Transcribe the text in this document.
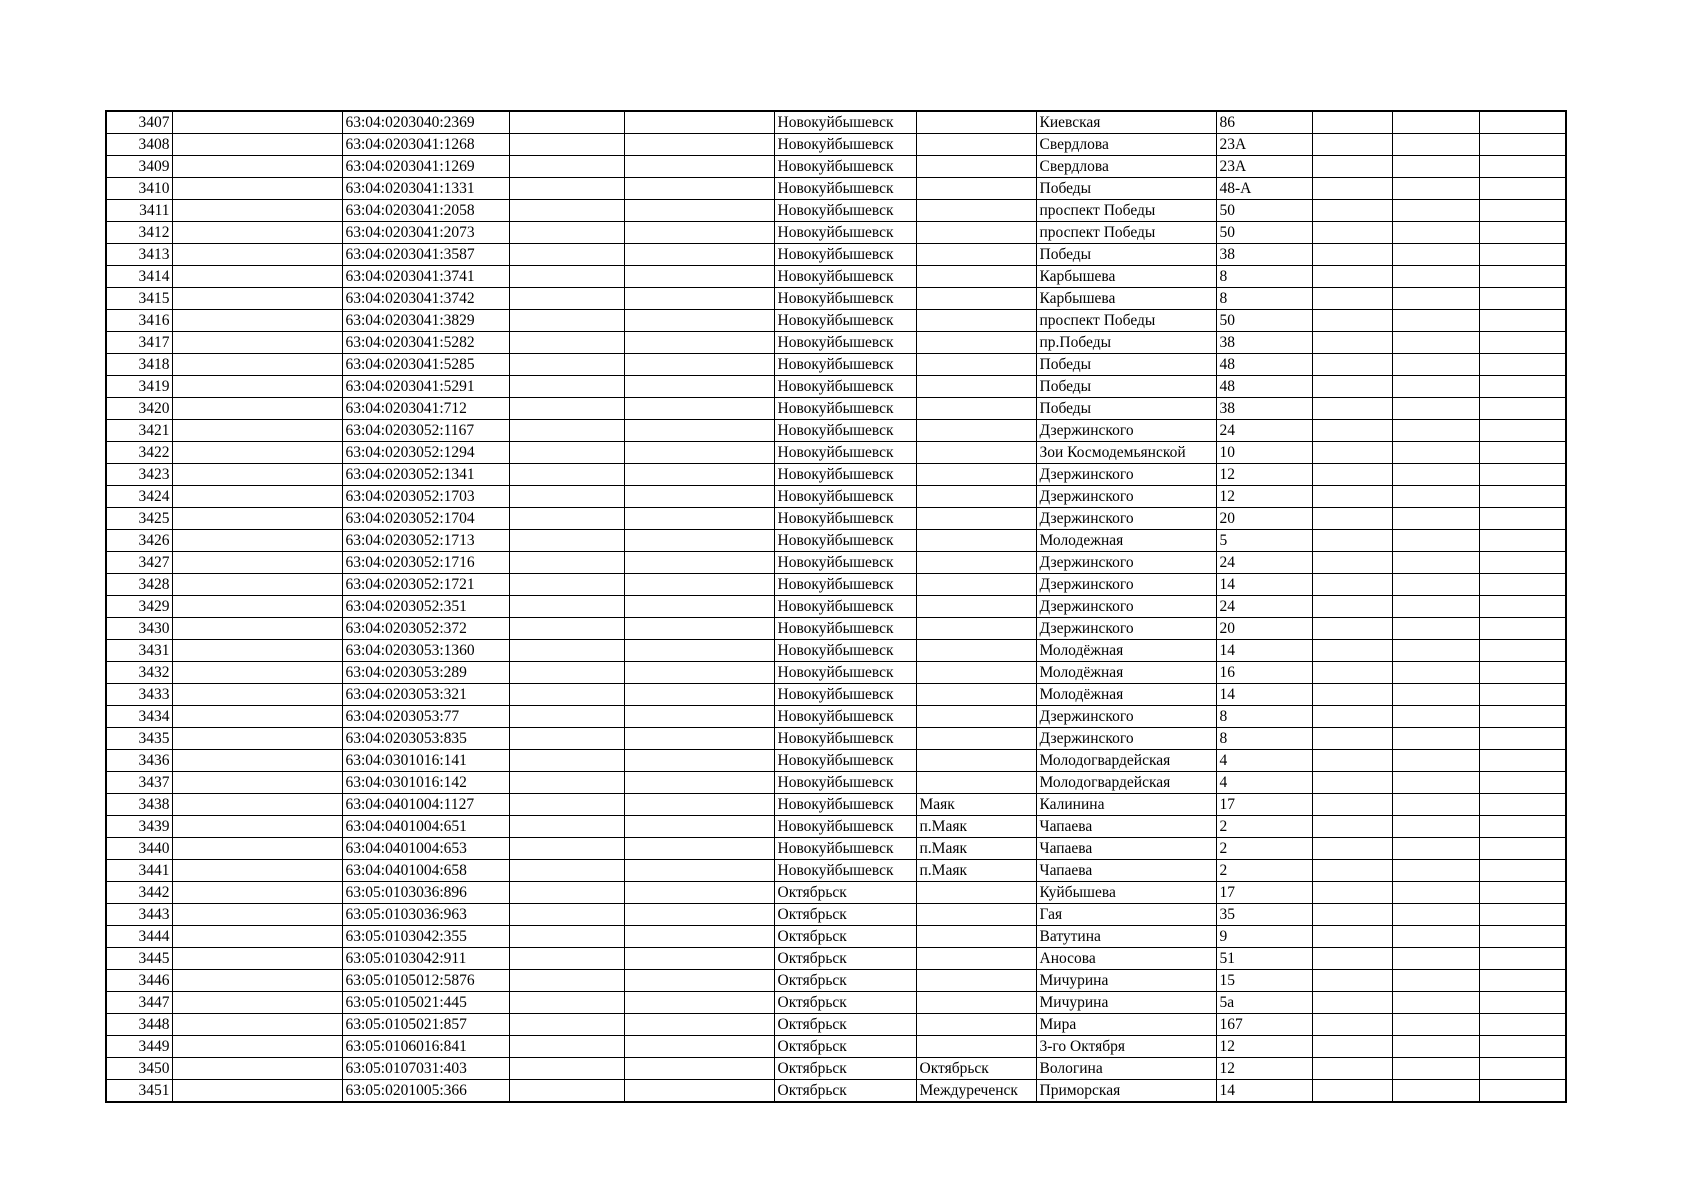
3407		63:04:0203040:2369			Новокуйбышевск		Киевская	86			
3408		63:04:0203041:1268			Новокуйбышевск		Свердлова	23А			
3409		63:04:0203041:1269			Новокуйбышевск		Свердлова	23А			
3410		63:04:0203041:1331			Новокуйбышевск		Победы	48-А			
3411		63:04:0203041:2058			Новокуйбышевск		проспект Победы	50			
3412		63:04:0203041:2073			Новокуйбышевск		проспект Победы	50			
3413		63:04:0203041:3587			Новокуйбышевск		Победы	38			
3414		63:04:0203041:3741			Новокуйбышевск		Карбышева	8			
3415		63:04:0203041:3742			Новокуйбышевск		Карбышева	8			
3416		63:04:0203041:3829			Новокуйбышевск		проспект Победы	50			
3417		63:04:0203041:5282			Новокуйбышевск		пр.Победы	38			
3418		63:04:0203041:5285			Новокуйбышевск		Победы	48			
3419		63:04:0203041:5291			Новокуйбышевск		Победы	48			
3420		63:04:0203041:712			Новокуйбышевск		Победы	38			
3421		63:04:0203052:1167			Новокуйбышевск		Дзержинского	24			
3422		63:04:0203052:1294			Новокуйбышевск		Зои Космодемьянской	10			
3423		63:04:0203052:1341			Новокуйбышевск		Дзержинского	12			
3424		63:04:0203052:1703			Новокуйбышевск		Дзержинского	12			
3425		63:04:0203052:1704			Новокуйбышевск		Дзержинского	20			
3426		63:04:0203052:1713			Новокуйбышевск		Молодежная	5			
3427		63:04:0203052:1716			Новокуйбышевск		Дзержинского	24			
3428		63:04:0203052:1721			Новокуйбышевск		Дзержинского	14			
3429		63:04:0203052:351			Новокуйбышевск		Дзержинского	24			
3430		63:04:0203052:372			Новокуйбышевск		Дзержинского	20			
3431		63:04:0203053:1360			Новокуйбышевск		Молодёжная	14			
3432		63:04:0203053:289			Новокуйбышевск		Молодёжная	16			
3433		63:04:0203053:321			Новокуйбышевск		Молодёжная	14			
3434		63:04:0203053:77			Новокуйбышевск		Дзержинского	8			
3435		63:04:0203053:835			Новокуйбышевск		Дзержинского	8			
3436		63:04:0301016:141			Новокуйбышевск		Молодогвардейская	4			
3437		63:04:0301016:142			Новокуйбышевск		Молодогвардейская	4			
3438		63:04:0401004:1127			Новокуйбышевск	Маяк	Калинина	17			
3439		63:04:0401004:651			Новокуйбышевск	п.Маяк	Чапаева	2			
3440		63:04:0401004:653			Новокуйбышевск	п.Маяк	Чапаева	2			
3441		63:04:0401004:658			Новокуйбышевск	п.Маяк	Чапаева	2			
3442		63:05:0103036:896			Октябрьск		Куйбышева	17			
3443		63:05:0103036:963			Октябрьск		Гая	35			
3444		63:05:0103042:355			Октябрьск		Ватутина	9			
3445		63:05:0103042:911			Октябрьск		Аносова	51			
3446		63:05:0105012:5876			Октябрьск		Мичурина	15			
3447		63:05:0105021:445			Октябрьск		Мичурина	5а			
3448		63:05:0105021:857			Октябрьск		Мира	167			
3449		63:05:0106016:841			Октябрьск		3-го Октября	12			
3450		63:05:0107031:403			Октябрьск	Октябрьск	Вологина	12			
3451		63:05:0201005:366			Октябрьск	Междуреченск	Приморская	14			
